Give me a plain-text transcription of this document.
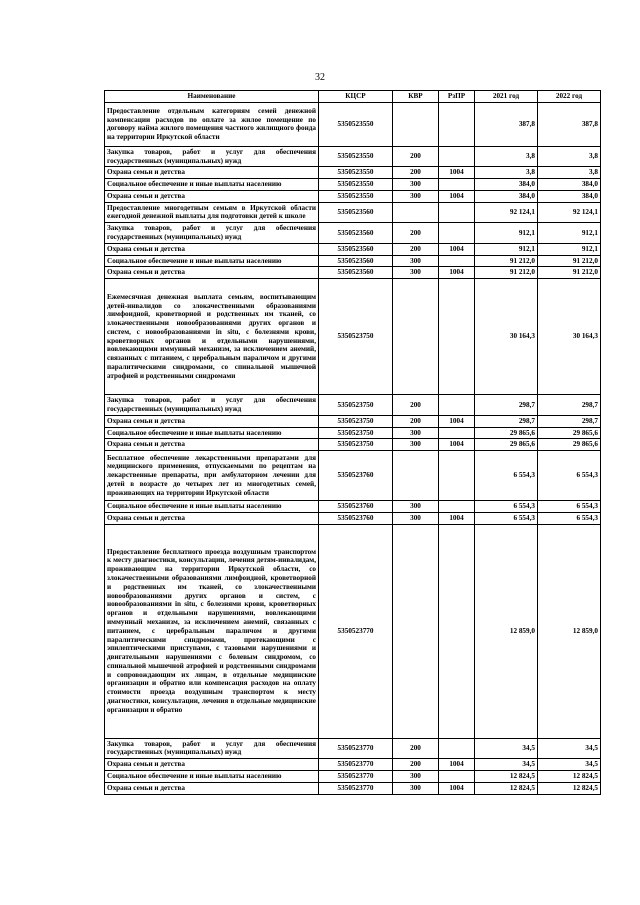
32
Наименование	КЦСР	КВР	РзПР	2021 год	2022 год
Предоставление отдельным категориям семей денежной компенсации расходов по оплате за жилое помещение по договору найма жилого помещения частного жилищного фонда на территории Иркутской области	5350523550			387,8	387,8
Закупка товаров, работ и услуг для обеспечения государственных (муниципальных) нужд	5350523550	200		3,8	3,8
Охрана семьи и детства	5350523550	200	1004	3,8	3,8
Социальное обеспечение и иные выплаты населению	5350523550	300		384,0	384,0
Охрана семьи и детства	5350523550	300	1004	384,0	384,0
Предоставление многодетным семьям в Иркутской области ежегодной денежной выплаты для подготовки детей к школе	5350523560			92 124,1	92 124,1
Закупка товаров, работ и услуг для обеспечения государственных (муниципальных) нужд	5350523560	200		912,1	912,1
Охрана семьи и детства	5350523560	200	1004	912,1	912,1
Социальное обеспечение и иные выплаты населению	5350523560	300		91 212,0	91 212,0
Охрана семьи и детства	5350523560	300	1004	91 212,0	91 212,0
Ежемесячная денежная выплата семьям, воспитывающим детей-инвалидов со злокачественными образованиями лимфоидной, кроветворной и родственных им тканей, со злокачественными новообразованиями других органов и систем, с новообразованиями in situ, с болезнями крови, кроветворных органов и отдельными нарушениями, вовлекающими иммунный механизм, за исключением анемий, связанных с питанием, с церебральным параличом и другими паралитическими синдромами, со спинальной мышечной атрофией и родственными синдромами	5350523750			30 164,3	30 164,3
Закупка товаров, работ и услуг для обеспечения государственных (муниципальных) нужд	5350523750	200		298,7	298,7
Охрана семьи и детства	5350523750	200	1004	298,7	298,7
Социальное обеспечение и иные выплаты населению	5350523750	300		29 865,6	29 865,6
Охрана семьи и детства	5350523750	300	1004	29 865,6	29 865,6
Бесплатное обеспечение лекарственными препаратами для медицинского применения, отпускаемыми по рецептам на лекарственные препараты, при амбулаторном лечении для детей в возрасте до четырех лет из многодетных семей, проживающих на территории Иркутской области	5350523760			6 554,3	6 554,3
Социальное обеспечение и иные выплаты населению	5350523760	300		6 554,3	6 554,3
Охрана семьи и детства	5350523760	300	1004	6 554,3	6 554,3
Предоставление бесплатного проезда воздушным транспортом к месту диагностики, консультации, лечения детям-инвалидам, проживающим на территории Иркутской области, со злокачественными образованиями лимфоидной, кроветворной и родственных им тканей, со злокачественными новообразованиями других органов и систем, с новообразованиями in situ, с болезнями крови, кроветворных органов и отдельными нарушениями, вовлекающими иммунный механизм, за исключением анемий, связанных с питанием, с церебральным параличом и другими паралитическими синдромами, протекающими с эпилептическими приступами, с тазовыми нарушениями и двигательными нарушениями с болевым синдромом, со спинальной мышечной атрофией и родственными синдромами и сопровождающим их лицам, в отдельные медицинские организации и обратно или компенсация расходов на оплату стоимости проезда воздушным транспортом к месту диагностики, консультации, лечения в отдельные медицинские организации и обратно	5350523770			12 859,0	12 859,0
Закупка товаров, работ и услуг для обеспечения государственных (муниципальных) нужд	5350523770	200		34,5	34,5
Охрана семьи и детства	5350523770	200	1004	34,5	34,5
Социальное обеспечение и иные выплаты населению	5350523770	300		12 824,5	12 824,5
Охрана семьи и детства	5350523770	300	1004	12 824,5	12 824,5
